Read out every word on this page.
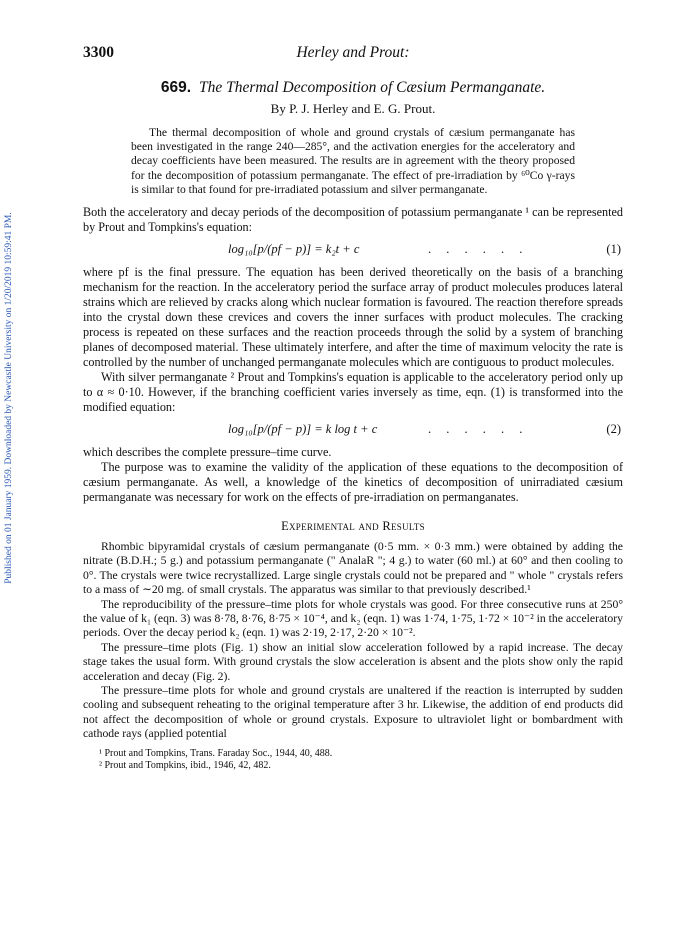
Published on 01 January 1959. Downloaded by Newcastle University on 1/20/2019 10:59:41 PM.
3300	Herley and Prout:
669. The Thermal Decomposition of Cæsium Permanganate.
By P. J. Herley and E. G. Prout.
The thermal decomposition of whole and ground crystals of cæsium permanganate has been investigated in the range 240—285°, and the activation energies for the acceleratory and decay coefficients have been measured. The results are in agreement with the theory proposed for the decomposition of potassium permanganate. The effect of pre-irradiation by ⁶⁰Co γ-rays is similar to that found for pre-irradiated potassium and silver permanganate.

Both the acceleratory and decay periods of the decomposition of potassium permanganate ¹ can be represented by Prout and Tompkins's equation:

log₁₀[p/(pf − p)] = k₂t + c	. . . . . .	(1)

where pf is the final pressure. The equation has been derived theoretically on the basis of a branching mechanism for the reaction. In the acceleratory period the surface array of product molecules produces lateral strains which are relieved by cracks along which nuclear formation is favoured. The reaction therefore spreads into the crystal down these crevices and covers the inner surfaces with product molecules. The cracking process is repeated on these surfaces and the reaction proceeds through the solid by a system of branching planes of decomposed material. These ultimately interfere, and after the time of maximum velocity the rate is controlled by the number of unchanged permanganate molecules which are contiguous to product molecules.

With silver permanganate ² Prout and Tompkins's equation is applicable to the acceleratory period only up to α ≈ 0·10. However, if the branching coefficient varies inversely as time, eqn. (1) is transformed into the modified equation:

log₁₀[p/(pf − p)] = k log t + c	. . . . . .	(2)

which describes the complete pressure–time curve.

The purpose was to examine the validity of the application of these equations to the decomposition of cæsium permanganate. As well, a knowledge of the kinetics of decomposition of unirradiated cæsium permanganate was necessary for work on the effects of pre-irradiation on permanganates.

Experimental and Results

Rhombic bipyramidal crystals of cæsium permanganate (0·5 mm. × 0·3 mm.) were obtained by adding the nitrate (B.D.H.; 5 g.) and potassium permanganate (" AnalaR "; 4 g.) to water (60 ml.) at 60° and then cooling to 0°. The crystals were twice recrystallized. Large single crystals could not be prepared and " whole " crystals refers to a mass of ∼20 mg. of small crystals. The apparatus was similar to that previously described.¹

The reproducibility of the pressure–time plots for whole crystals was good. For three consecutive runs at 250° the value of k₁ (eqn. 3) was 8·78, 8·76, 8·75 × 10⁻⁴, and k₂ (eqn. 1) was 1·74, 1·75, 1·72 × 10⁻² in the acceleratory periods. Over the decay period k₂ (eqn. 1) was 2·19, 2·17, 2·20 × 10⁻².

The pressure–time plots (Fig. 1) show an initial slow acceleration followed by a rapid increase. The decay stage takes the usual form. With ground crystals the slow acceleration is absent and the plots show only the rapid acceleration and decay (Fig. 2).

The pressure–time plots for whole and ground crystals are unaltered if the reaction is interrupted by sudden cooling and subsequent reheating to the original temperature after 3 hr. Likewise, the addition of end products did not affect the decomposition of whole or ground crystals. Exposure to ultraviolet light or bombardment with cathode rays (applied potential

¹ Prout and Tompkins, Trans. Faraday Soc., 1944, 40, 488.
² Prout and Tompkins, ibid., 1946, 42, 482.
